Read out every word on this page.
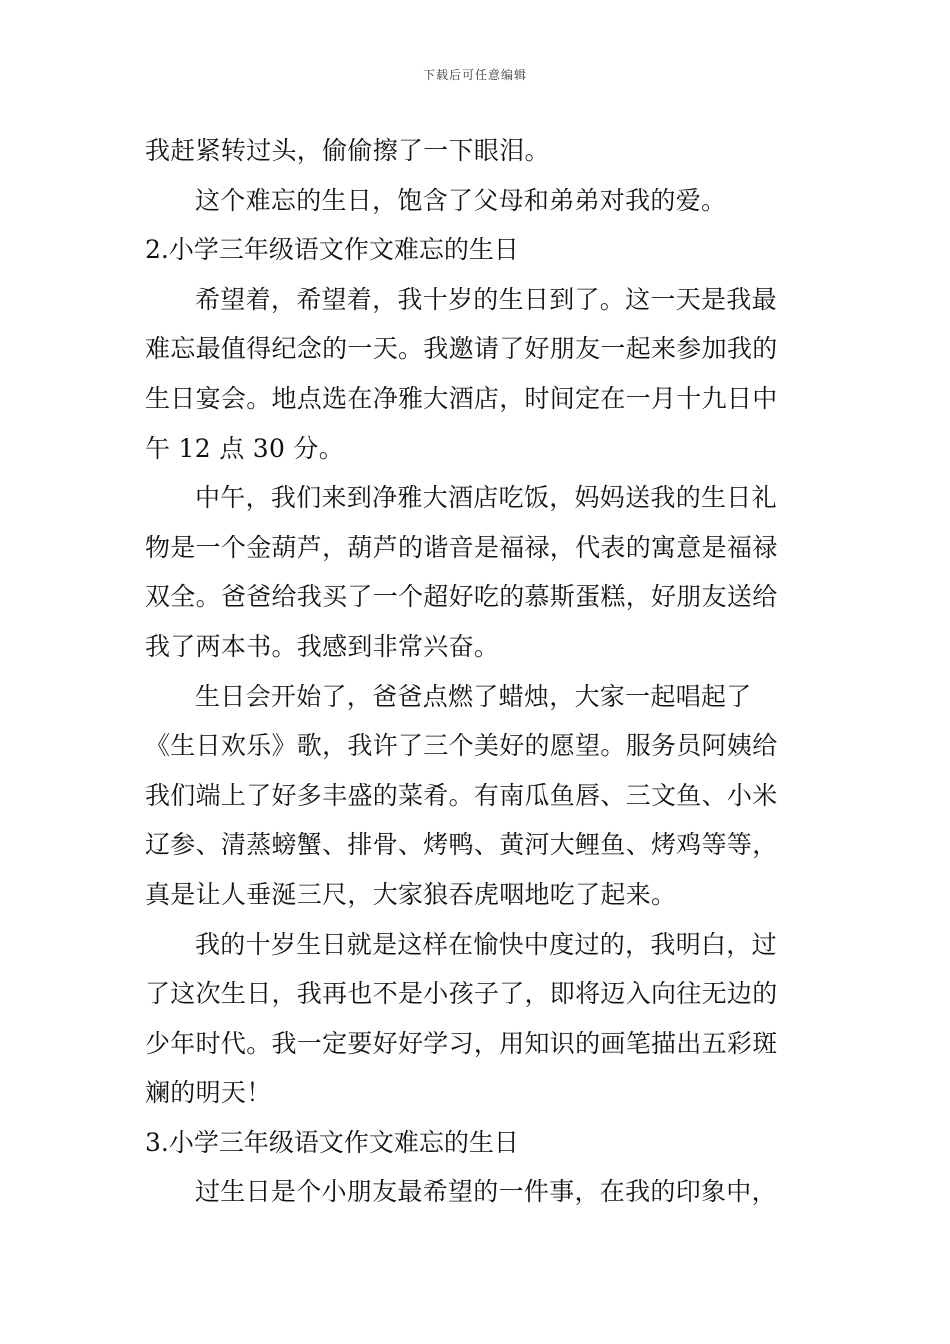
下载后可任意编辑
我赶紧转过头，偷偷擦了一下眼泪。
这个难忘的生日，饱含了父母和弟弟对我的爱。
2.小学三年级语文作文难忘的生日
希望着，希望着，我十岁的生日到了。这一天是我最
难忘最值得纪念的一天。我邀请了好朋友一起来参加我的
生日宴会。地点选在净雅大酒店，时间定在一月十九日中
午 12 点 30 分。
中午，我们来到净雅大酒店吃饭，妈妈送我的生日礼
物是一个金葫芦，葫芦的谐音是福禄，代表的寓意是福禄
双全。爸爸给我买了一个超好吃的慕斯蛋糕，好朋友送给
我了两本书。我感到非常兴奋。
生日会开始了，爸爸点燃了蜡烛，大家一起唱起了
《生日欢乐》歌，我许了三个美好的愿望。服务员阿姨给
我们端上了好多丰盛的菜肴。有南瓜鱼唇、三文鱼、小米
辽参、清蒸螃蟹、排骨、烤鸭、黄河大鲤鱼、烤鸡等等，
真是让人垂涎三尺，大家狼吞虎咽地吃了起来。
我的十岁生日就是这样在愉快中度过的，我明白，过
了这次生日，我再也不是小孩子了，即将迈入向往无边的
少年时代。我一定要好好学习，用知识的画笔描出五彩斑
斓的明天！
3.小学三年级语文作文难忘的生日
过生日是个小朋友最希望的一件事，在我的印象中，
